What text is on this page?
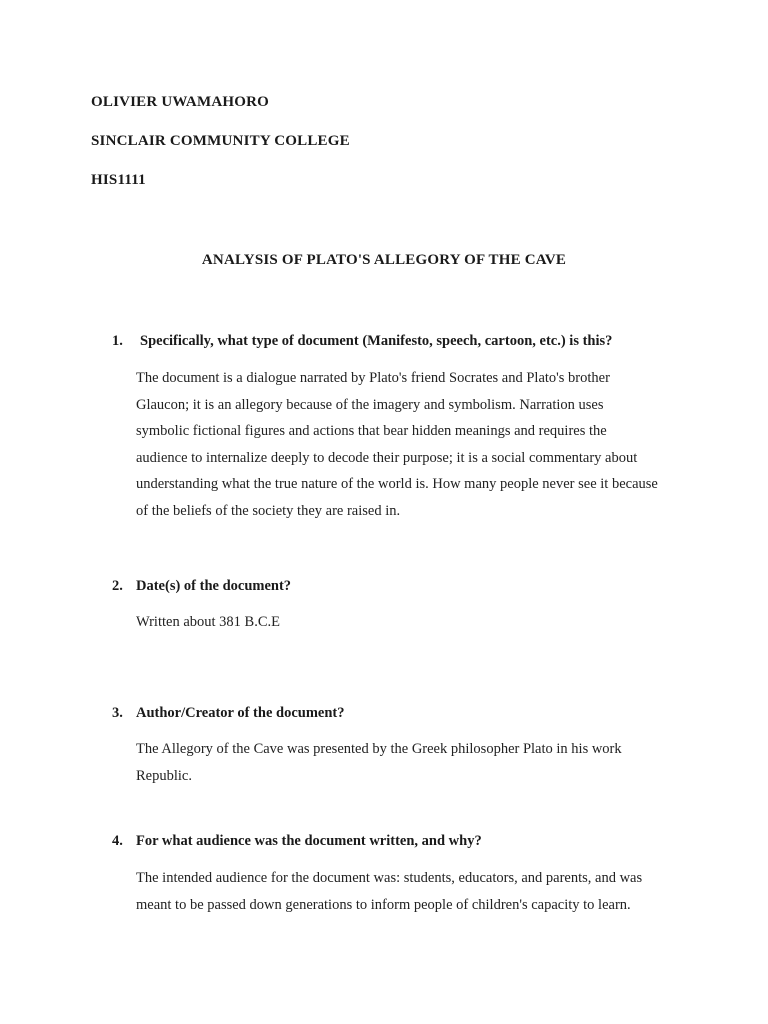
OLIVIER UWAMAHORO
SINCLAIR COMMUNITY COLLEGE
HIS1111
ANALYSIS OF PLATO'S ALLEGORY OF THE CAVE
1. Specifically, what type of document (Manifesto, speech, cartoon, etc.) is this?
The document is a dialogue narrated by Plato's friend Socrates and Plato's brother
Glaucon; it is an allegory because of the imagery and symbolism. Narration uses
symbolic fictional figures and actions that bear hidden meanings and requires the
audience to internalize deeply to decode their purpose; it is a social commentary about
understanding what the true nature of the world is. How many people never see it because
of the beliefs of the society they are raised in.
2. Date(s) of the document?
Written about 381 B.C.E
3. Author/Creator of the document?
The Allegory of the Cave was presented by the Greek philosopher Plato in his work
Republic.
4. For what audience was the document written, and why?
The intended audience for the document was: students, educators, and parents, and was
meant to be passed down generations to inform people of children's capacity to learn.
